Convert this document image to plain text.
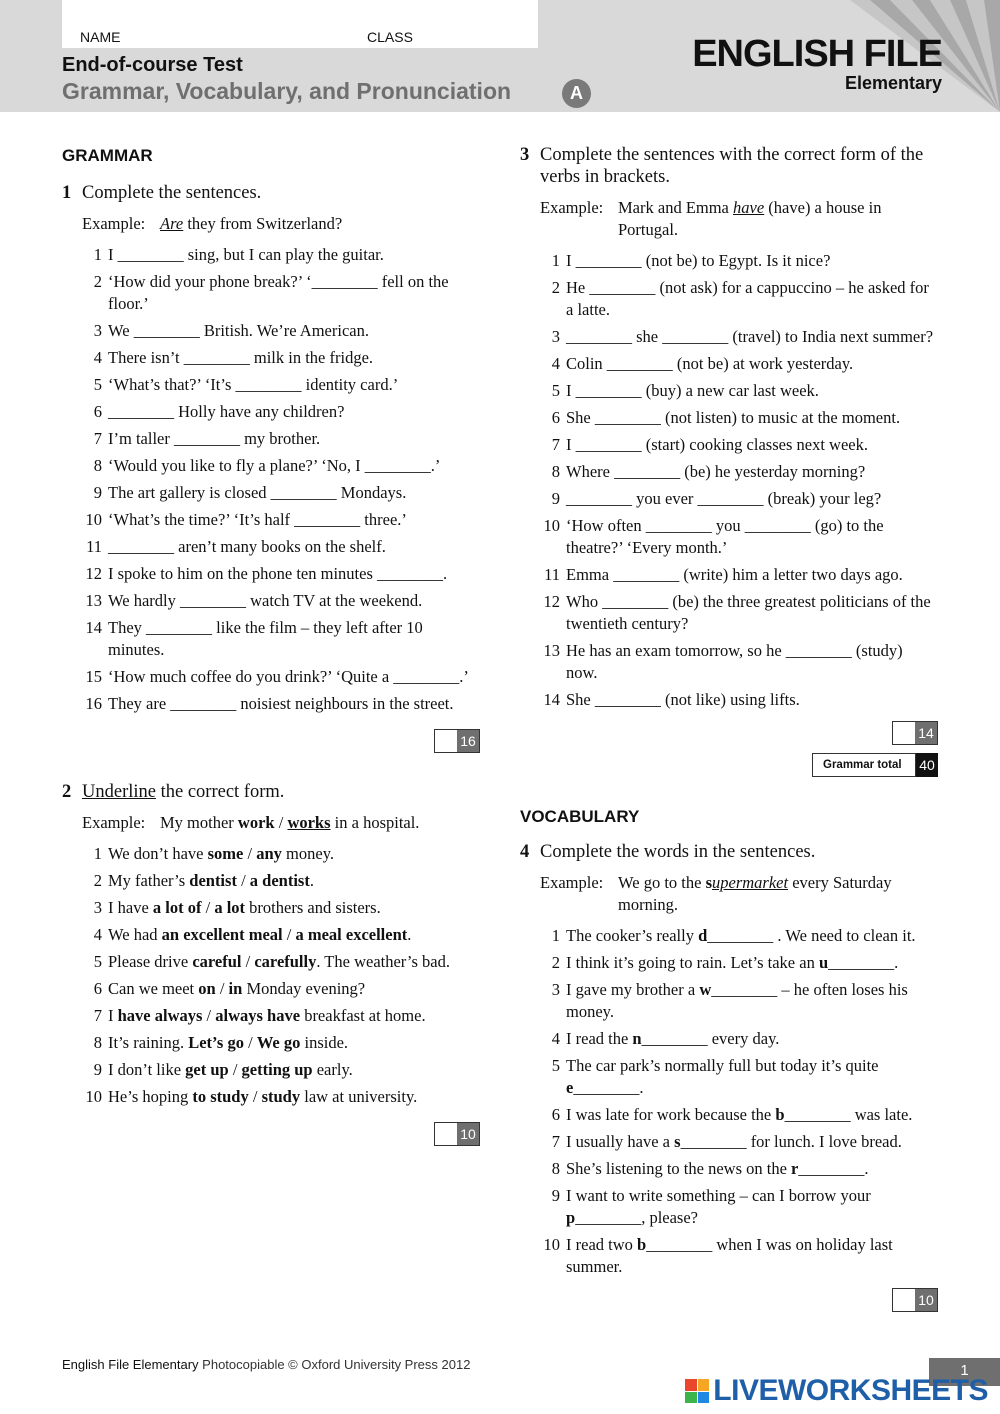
NAME	CLASS
End-of-course Test
Grammar, Vocabulary, and Pronunciation	A
ENGLISH FILE
Elementary
GRAMMAR
1 Complete the sentences.
Example: Are they from Switzerland?
1 I ________ sing, but I can play the guitar.
2 ‘How did your phone break?’ ‘________ fell on the floor.’
3 We ________ British. We’re American.
4 There isn’t ________ milk in the fridge.
5 ‘What’s that?’ ‘It’s ________ identity card.’
6 ________ Holly have any children?
7 I’m taller ________ my brother.
8 ‘Would you like to fly a plane?’ ‘No, I ________.’
9 The art gallery is closed ________ Mondays.
10 ‘What’s the time?’ ‘It’s half ________ three.’
11 ________ aren’t many books on the shelf.
12 I spoke to him on the phone ten minutes ________.
13 We hardly ________ watch TV at the weekend.
14 They ________ like the film – they left after 10 minutes.
15 ‘How much coffee do you drink?’ ‘Quite a ________.’
16 They are ________ noisiest neighbours in the street.
16
2 Underline the correct form.
Example: My mother work / works in a hospital.
1 We don’t have some / any money.
2 My father’s dentist / a dentist.
3 I have a lot of / a lot brothers and sisters.
4 We had an excellent meal / a meal excellent.
5 Please drive careful / carefully. The weather’s bad.
6 Can we meet on / in Monday evening?
7 I have always / always have breakfast at home.
8 It’s raining. Let’s go / We go inside.
9 I don’t like get up / getting up early.
10 He’s hoping to study / study law at university.
10
3 Complete the sentences with the correct form of the verbs in brackets.
Example: Mark and Emma have (have) a house in Portugal.
1 I ________ (not be) to Egypt. Is it nice?
2 He ________ (not ask) for a cappuccino – he asked for a latte.
3 ________ she ________ (travel) to India next summer?
4 Colin ________ (not be) at work yesterday.
5 I ________ (buy) a new car last week.
6 She ________ (not listen) to music at the moment.
7 I ________ (start) cooking classes next week.
8 Where ________ (be) he yesterday morning?
9 ________ you ever ________ (break) your leg?
10 ‘How often ________ you ________ (go) to the theatre?’ ‘Every month.’
11 Emma ________ (write) him a letter two days ago.
12 Who ________ (be) the three greatest politicians of the twentieth century?
13 He has an exam tomorrow, so he ________ (study) now.
14 She ________ (not like) using lifts.
14
Grammar total	40
VOCABULARY
4 Complete the words in the sentences.
Example: We go to the supermarket every Saturday morning.
1 The cooker’s really d________ . We need to clean it.
2 I think it’s going to rain. Let’s take an u________.
3 I gave my brother a w________ – he often loses his money.
4 I read the n________ every day.
5 The car park’s normally full but today it’s quite e________.
6 I was late for work because the b________ was late.
7 I usually have a s________ for lunch. I love bread.
8 She’s listening to the news on the r________.
9 I want to write something – can I borrow your p________, please?
10 I read two b________ when I was on holiday last summer.
10
English File Elementary Photocopiable © Oxford University Press 2012	1
LIVEWORKSHEETS
